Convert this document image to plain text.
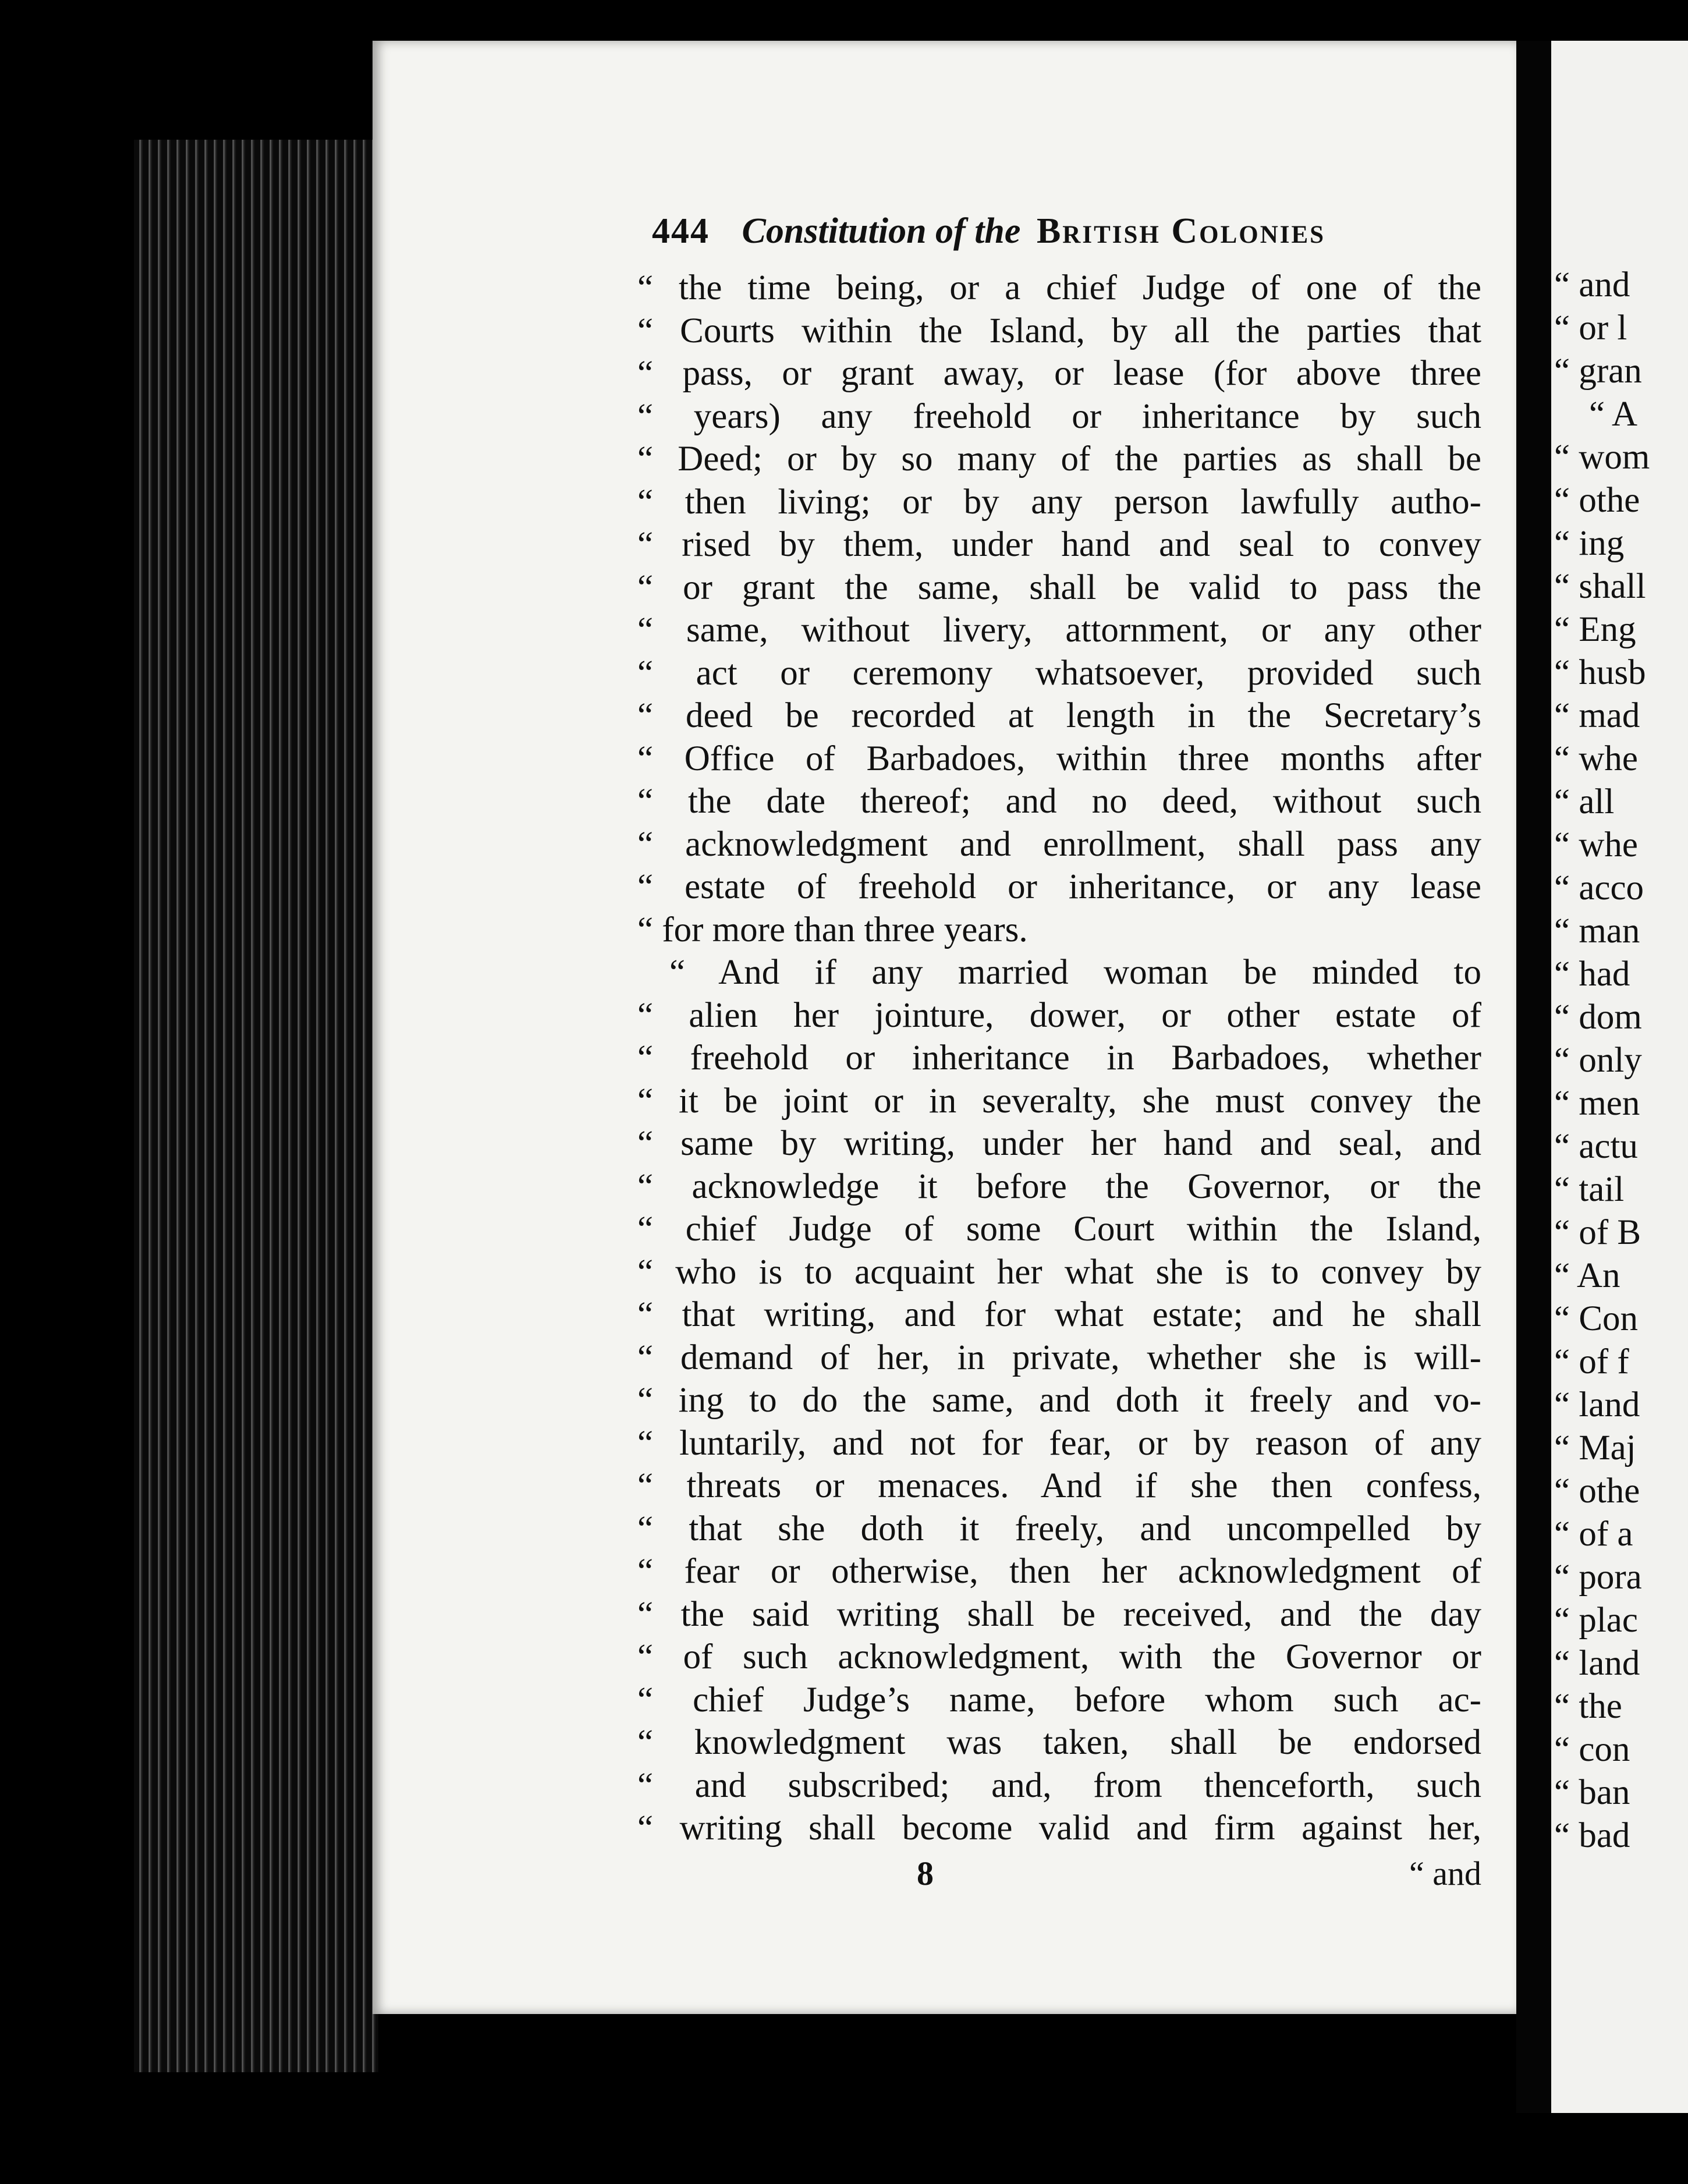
444 Constitution of the British Colonies
“ the time being, or a chief Judge of one of the
“ Courts within the Island, by all the parties that
“ pass, or grant away, or lease (for above three
“ years) any freehold or inheritance by such
“ Deed; or by so many of the parties as shall be
“ then living; or by any person lawfully autho-
“ rised by them, under hand and seal to convey
“ or grant the same, shall be valid to pass the
“ same, without livery, attornment, or any other
“ act or ceremony whatsoever, provided such
“ deed be recorded at length in the Secretary’s
“ Office of Barbadoes, within three months after
“ the date thereof; and no deed, without such
“ acknowledgment and enrollment, shall pass any
“ estate of freehold or inheritance, or any lease
“ for more than three years.
“ And if any married woman be minded to
“ alien her jointure, dower, or other estate of
“ freehold or inheritance in Barbadoes, whether
“ it be joint or in severalty, she must convey the
“ same by writing, under her hand and seal, and
“ acknowledge it before the Governor, or the
“ chief Judge of some Court within the Island,
“ who is to acquaint her what she is to convey by
“ that writing, and for what estate; and he shall
“ demand of her, in private, whether she is will-
“ ing to do the same, and doth it freely and vo-
“ luntarily, and not for fear, or by reason of any
“ threats or menaces. And if she then confess,
“ that she doth it freely, and uncompelled by
“ fear or otherwise, then her acknowledgment of
“ the said writing shall be received, and the day
“ of such acknowledgment, with the Governor or
“ chief Judge’s name, before whom such ac-
“ knowledgment was taken, shall be endorsed
“ and subscribed; and, from thenceforth, such
“ writing shall become valid and firm against her,
8	“ and
“ and
“ or l
“ gran
“ A
“ wom
“ othe
“ ing
“ shall
“ Eng
“ husb
“ mad
“ whe
“ all
“ whe
“ acco
“ man
“ had
“ dom
“ only
“ men
“ actu
“ tail
“ of B
“ An
“ Con
“ of f
“ land
“ Maj
“ othe
“ of a
“ pora
“ plac
“ land
“ the
“ con
“ ban
“ bad
